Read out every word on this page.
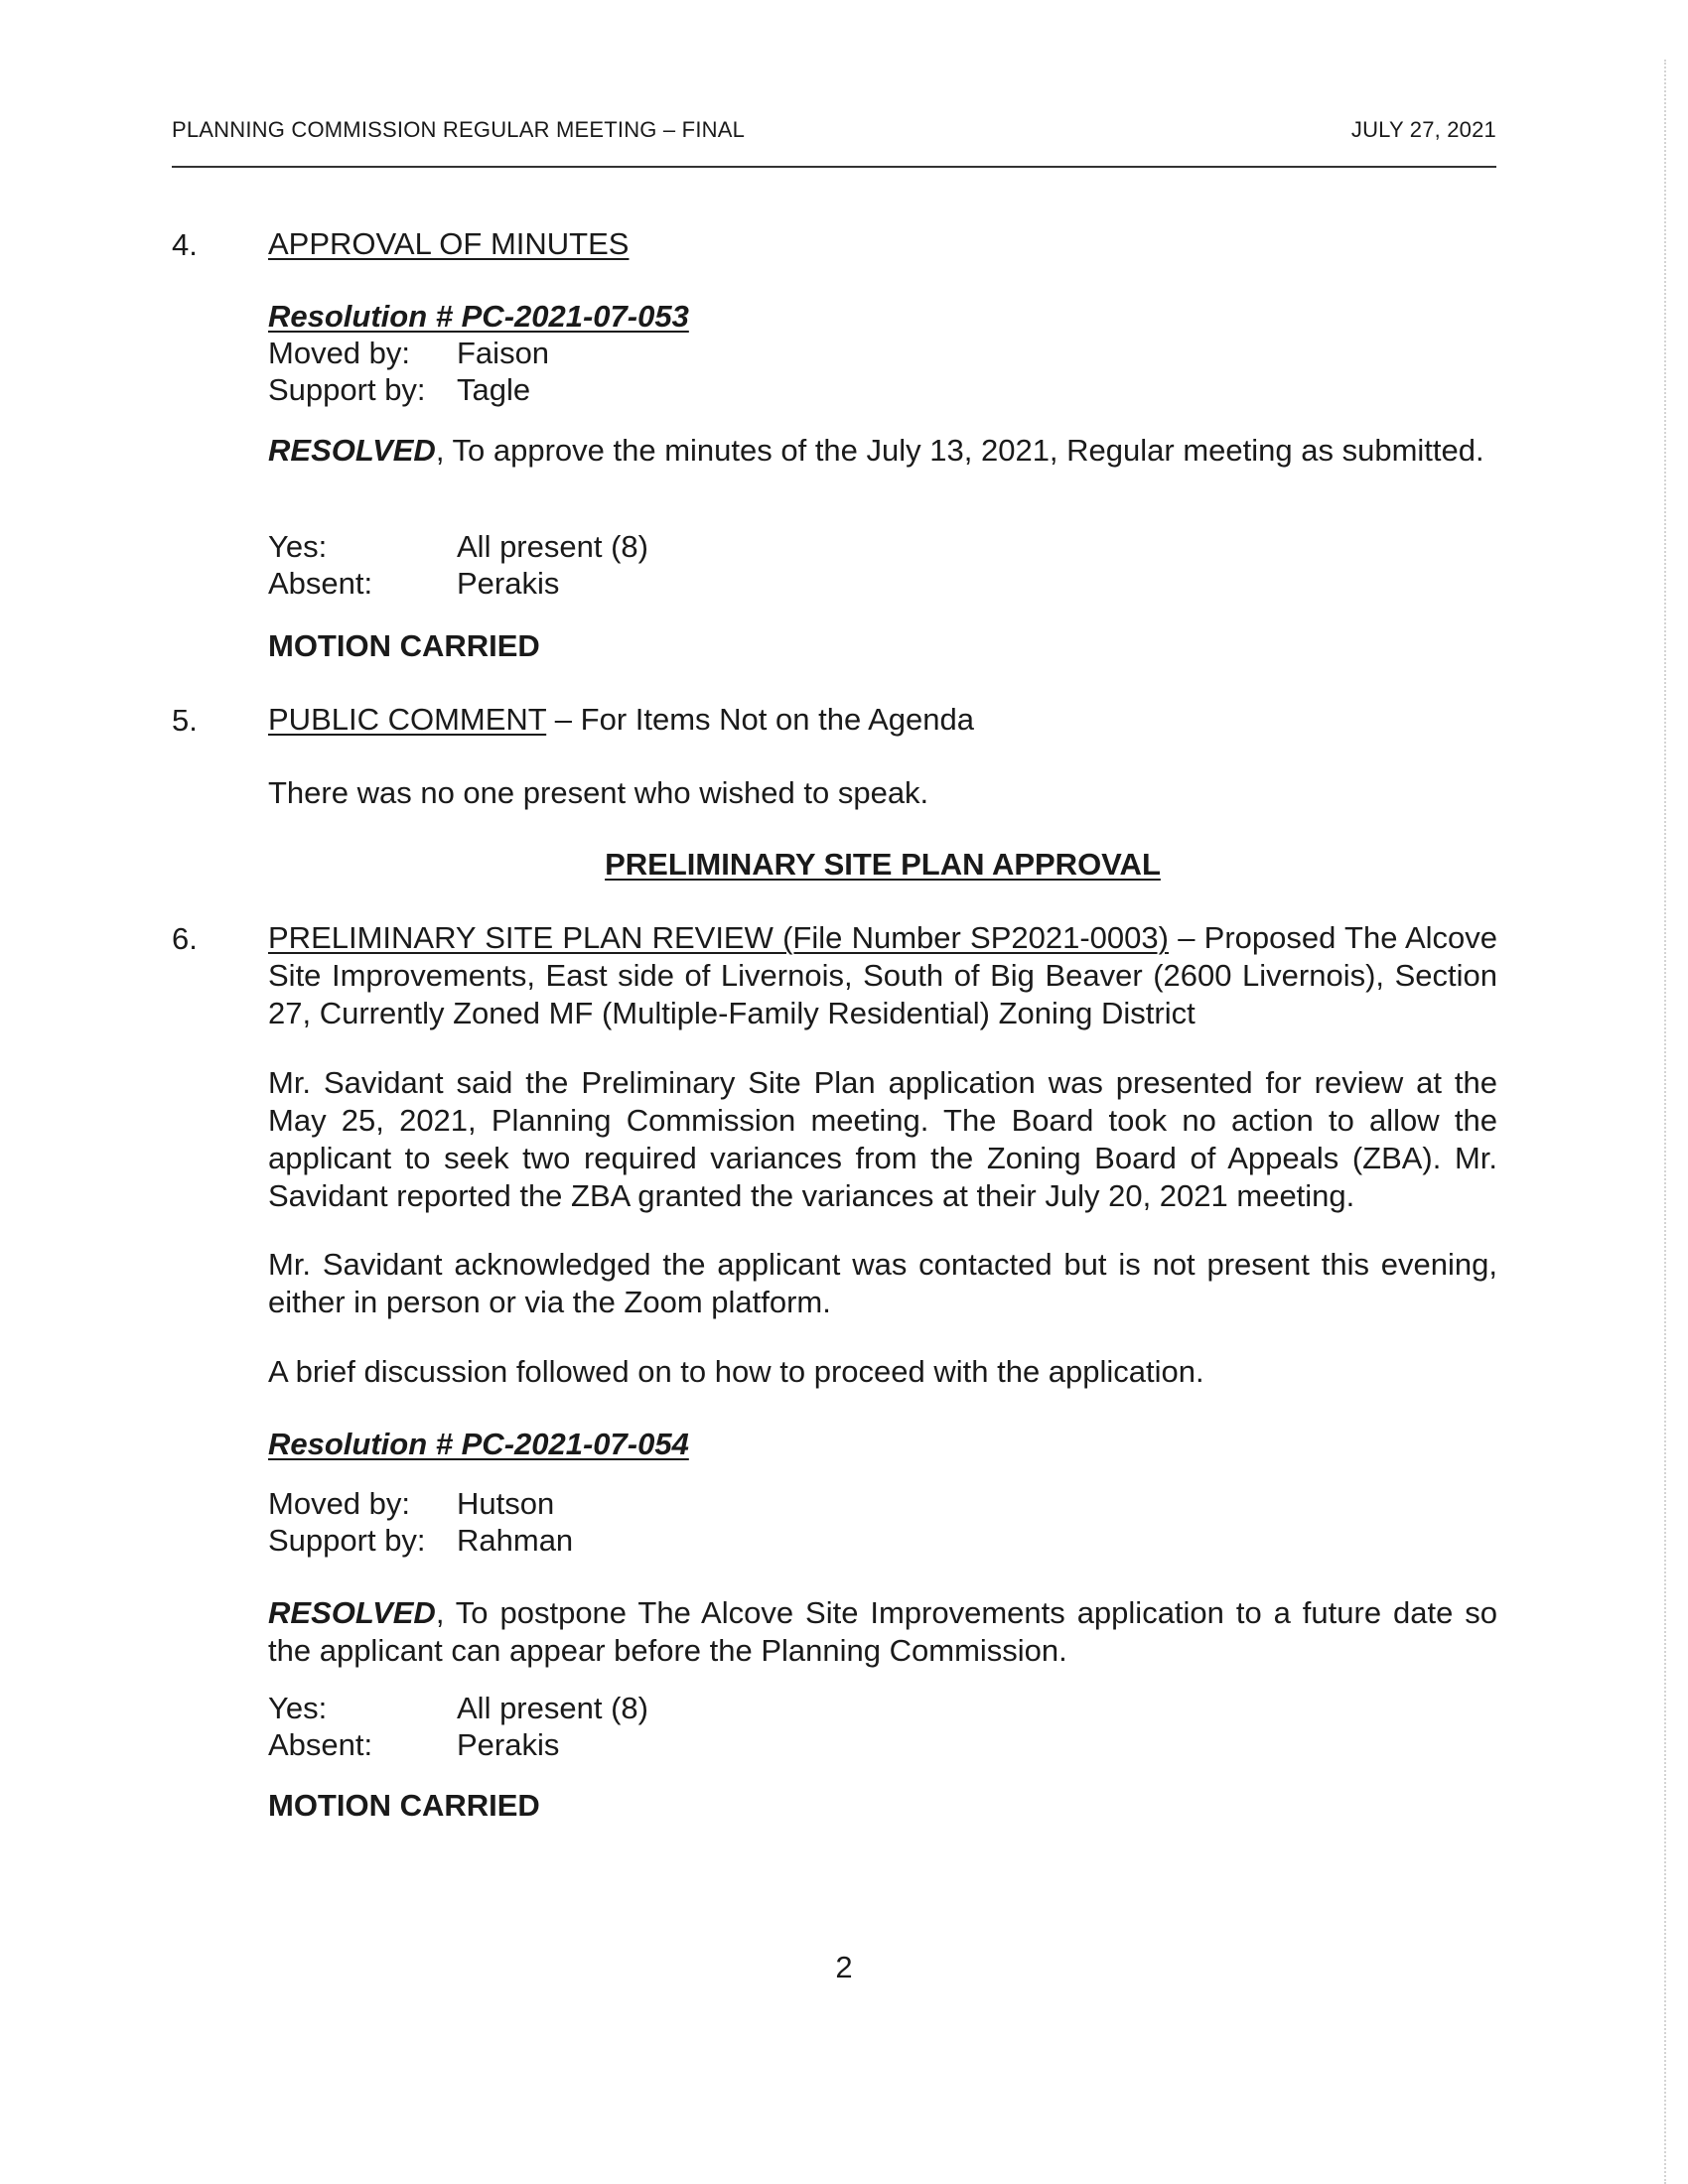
PLANNING COMMISSION REGULAR MEETING – FINAL	JULY 27, 2021
4. APPROVAL OF MINUTES
Resolution # PC-2021-07-053
Moved by:	Faison
Support by:	Tagle
RESOLVED, To approve the minutes of the July 13, 2021, Regular meeting as submitted.
Yes:	All present (8)
Absent:	Perakis
MOTION CARRIED
5. PUBLIC COMMENT – For Items Not on the Agenda
There was no one present who wished to speak.
PRELIMINARY SITE PLAN APPROVAL
6. PRELIMINARY SITE PLAN REVIEW (File Number SP2021-0003) – Proposed The Alcove Site Improvements, East side of Livernois, South of Big Beaver (2600 Livernois), Section 27, Currently Zoned MF (Multiple-Family Residential) Zoning District
Mr. Savidant said the Preliminary Site Plan application was presented for review at the May 25, 2021, Planning Commission meeting. The Board took no action to allow the applicant to seek two required variances from the Zoning Board of Appeals (ZBA). Mr. Savidant reported the ZBA granted the variances at their July 20, 2021 meeting.
Mr. Savidant acknowledged the applicant was contacted but is not present this evening, either in person or via the Zoom platform.
A brief discussion followed on to how to proceed with the application.
Resolution # PC-2021-07-054
Moved by:	Hutson
Support by:	Rahman
RESOLVED, To postpone The Alcove Site Improvements application to a future date so the applicant can appear before the Planning Commission.
Yes:	All present (8)
Absent:	Perakis
MOTION CARRIED
2
